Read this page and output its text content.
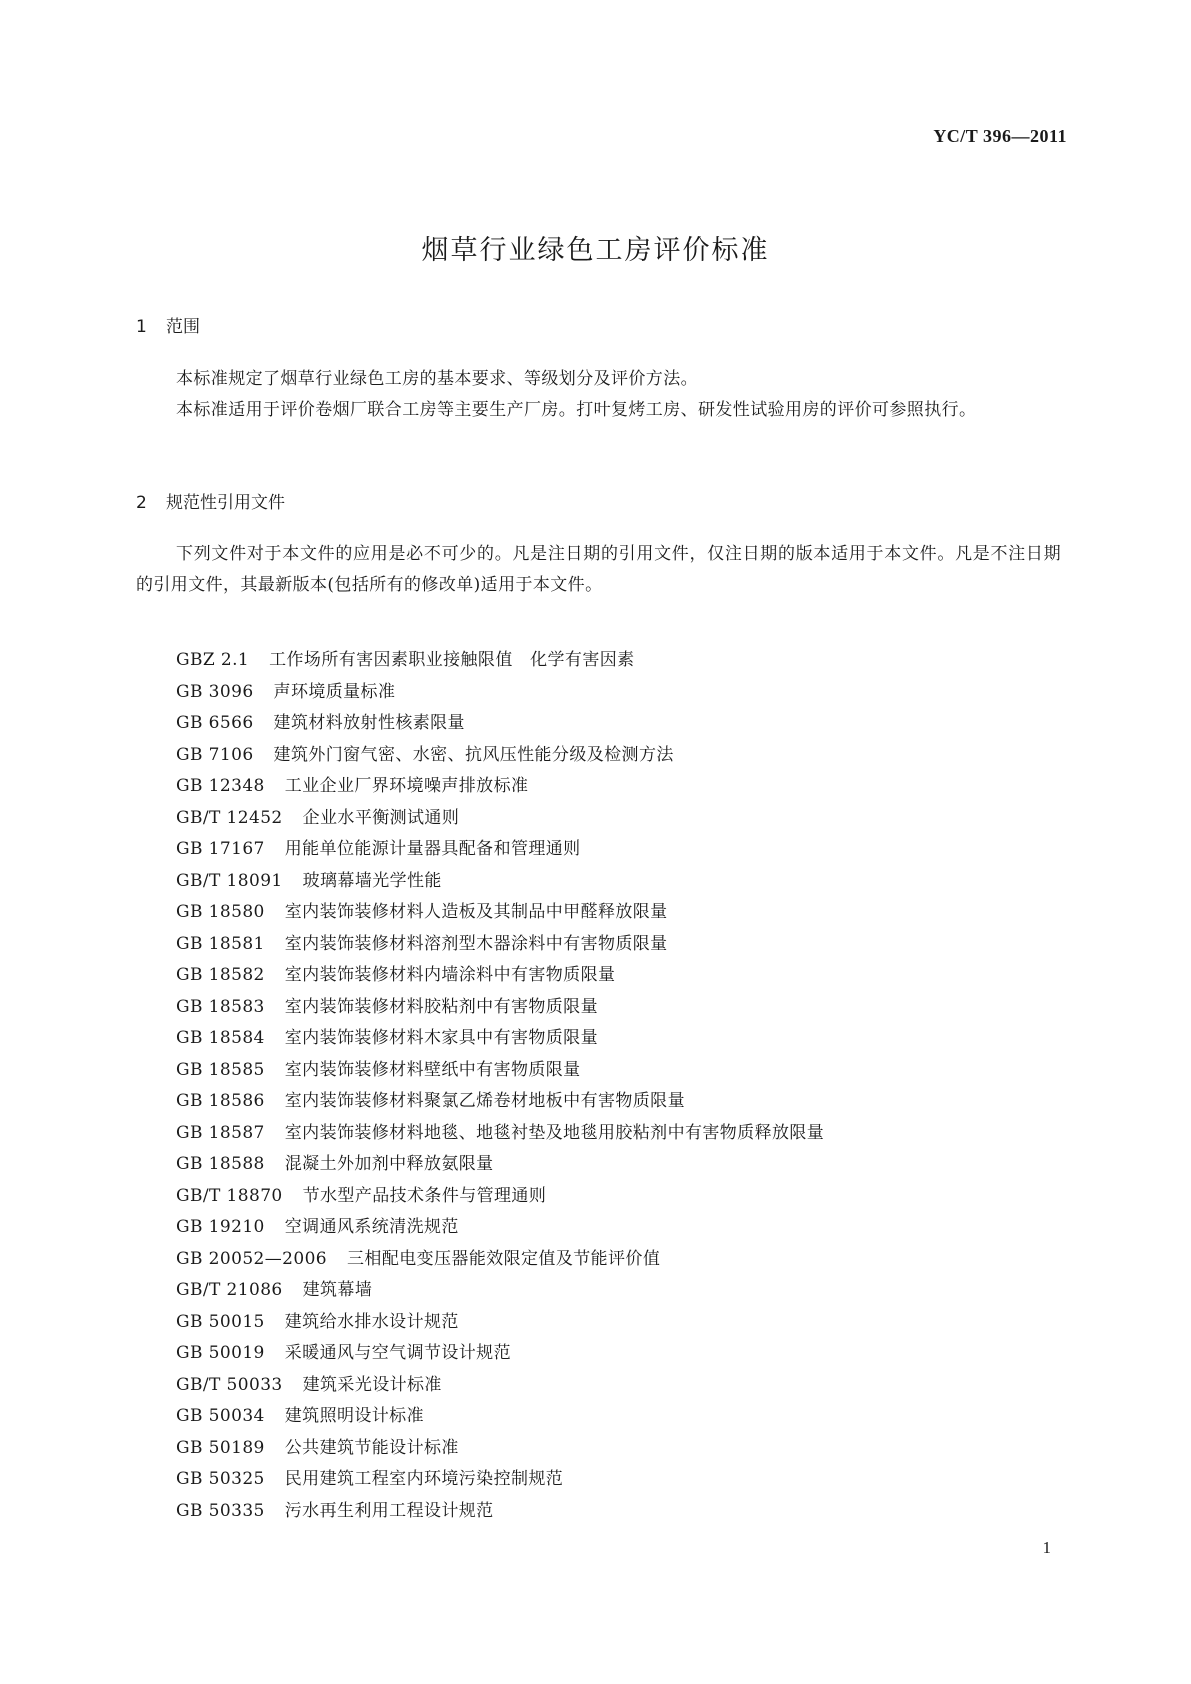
YC/T 396—2011
烟草行业绿色工房评价标准
1 范围
本标准规定了烟草行业绿色工房的基本要求、等级划分及评价方法。
本标准适用于评价卷烟厂联合工房等主要生产厂房。打叶复烤工房、研发性试验用房的评价可参照执行。
2 规范性引用文件
下列文件对于本文件的应用是必不可少的。凡是注日期的引用文件，仅注日期的版本适用于本文件。凡是不注日期的引用文件，其最新版本(包括所有的修改单)适用于本文件。
GBZ 2.1 工作场所有害因素职业接触限值　化学有害因素
GB 3096 声环境质量标准
GB 6566 建筑材料放射性核素限量
GB 7106 建筑外门窗气密、水密、抗风压性能分级及检测方法
GB 12348 工业企业厂界环境噪声排放标准
GB/T 12452 企业水平衡测试通则
GB 17167 用能单位能源计量器具配备和管理通则
GB/T 18091 玻璃幕墙光学性能
GB 18580 室内装饰装修材料人造板及其制品中甲醛释放限量
GB 18581 室内装饰装修材料溶剂型木器涂料中有害物质限量
GB 18582 室内装饰装修材料内墙涂料中有害物质限量
GB 18583 室内装饰装修材料胶粘剂中有害物质限量
GB 18584 室内装饰装修材料木家具中有害物质限量
GB 18585 室内装饰装修材料壁纸中有害物质限量
GB 18586 室内装饰装修材料聚氯乙烯卷材地板中有害物质限量
GB 18587 室内装饰装修材料地毯、地毯衬垫及地毯用胶粘剂中有害物质释放限量
GB 18588 混凝土外加剂中释放氨限量
GB/T 18870 节水型产品技术条件与管理通则
GB 19210 空调通风系统清洗规范
GB 20052—2006 三相配电变压器能效限定值及节能评价值
GB/T 21086 建筑幕墙
GB 50015 建筑给水排水设计规范
GB 50019 采暖通风与空气调节设计规范
GB/T 50033 建筑采光设计标准
GB 50034 建筑照明设计标准
GB 50189 公共建筑节能设计标准
GB 50325 民用建筑工程室内环境污染控制规范
GB 50335 污水再生利用工程设计规范
1
